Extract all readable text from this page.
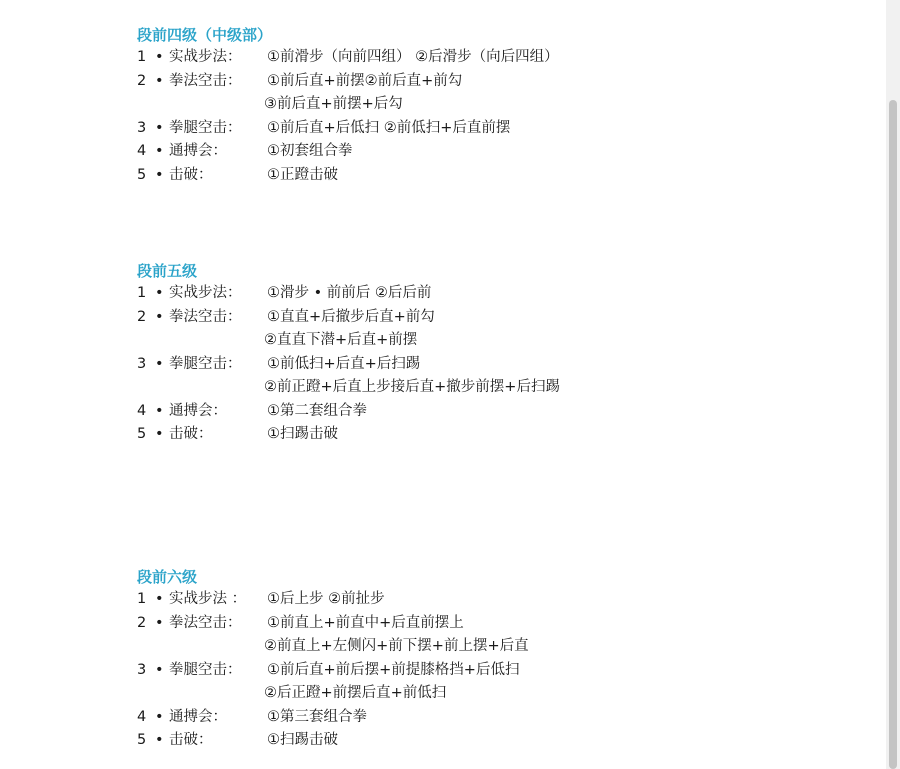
段前四级（中级部）
1 • 实战步法： ①前滑步（向前四组） ②后滑步（向后四组）
2 • 拳法空击： ①前后直+前摆②前后直+前勾
③前后直+前摆+后勾
3 • 拳腿空击： ①前后直+后低扫 ②前低扫+后直前摆
4 • 通搏会：	①初套组合拳
5 • 击破：	①正蹬击破
段前五级
1 • 实战步法： ①滑步 • 前前后 ②后后前
2 • 拳法空击： ①直直+后撤步后直+前勾
②直直下潜+后直+前摆
3 • 拳腿空击： ①前低扫+后直+后扫踢
②前正蹬+后直上步接后直+撤步前摆+后扫踢
4 • 通搏会：	①第二套组合拳
5 • 击破：	①扫踢击破
段前六级
1 • 实战步法 ： ①后上步 ②前扯步
2 • 拳法空击： ①前直上+前直中+后直前摆上
②前直上+左侧闪+前下摆+前上摆+后直
3 • 拳腿空击： ①前后直+前后摆+前提膝格挡+后低扫
②后正蹬+前摆后直+前低扫
4 • 通搏会：	①第三套组合拳
5 • 击破：	①扫踢击破
